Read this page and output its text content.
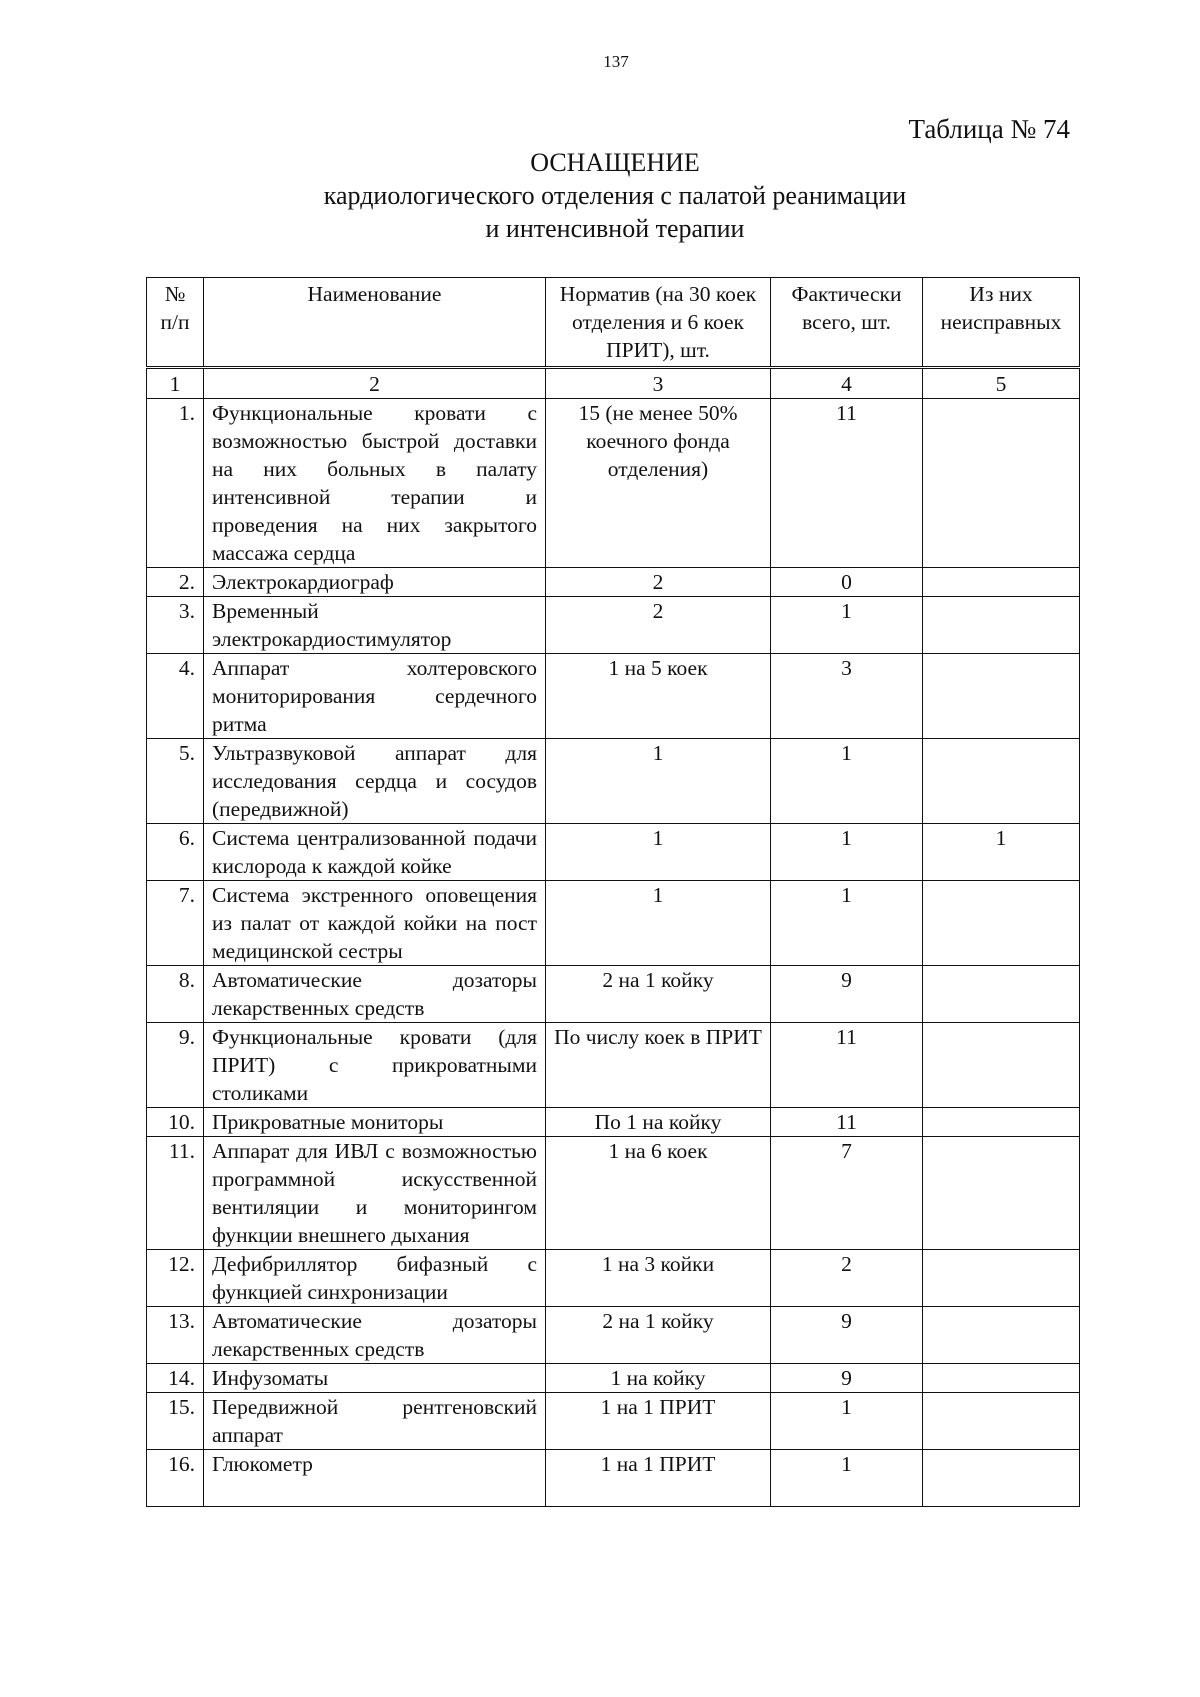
137
Таблица № 74
ОСНАЩЕНИЕ
кардиологического отделения с палатой реанимации
и интенсивной терапии
№ п/п	Наименование	Норматив (на 30 коек отделения и 6 коек ПРИТ), шт.	Фактически всего, шт.	Из них неисправных
1	2	3	4	5
1.	Функциональные кровати с возможностью быстрой доставки на них больных в палату интенсивной терапии и проведения на них закрытого массажа сердца	15 (не менее 50% коечного фонда отделения)	11	
2.	Электрокардиограф	2	0	
3.	Временный электрокардиостимулятор	2	1	
4.	Аппарат холтеровского мониторирования сердечного ритма	1 на 5 коек	3	
5.	Ультразвуковой аппарат для исследования сердца и сосудов (передвижной)	1	1	
6.	Система централизованной подачи кислорода к каждой койке	1	1	1
7.	Система экстренного оповещения из палат от каждой койки на пост медицинской сестры	1	1	
8.	Автоматические дозаторы лекарственных средств	2 на 1 койку	9	
9.	Функциональные кровати (для ПРИТ) с прикроватными столиками	По числу коек в ПРИТ	11	
10.	Прикроватные мониторы	По 1 на койку	11	
11.	Аппарат для ИВЛ с возможностью программной искусственной вентиляции и мониторингом функции внешнего дыхания	1 на 6 коек	7	
12.	Дефибриллятор бифазный с функцией синхронизации	1 на 3 койки	2	
13.	Автоматические дозаторы лекарственных средств	2 на 1 койку	9	
14.	Инфузоматы	1 на койку	9	
15.	Передвижной рентгеновский аппарат	1 на 1 ПРИТ	1	
16.	Глюкометр	1 на 1 ПРИТ	1	
